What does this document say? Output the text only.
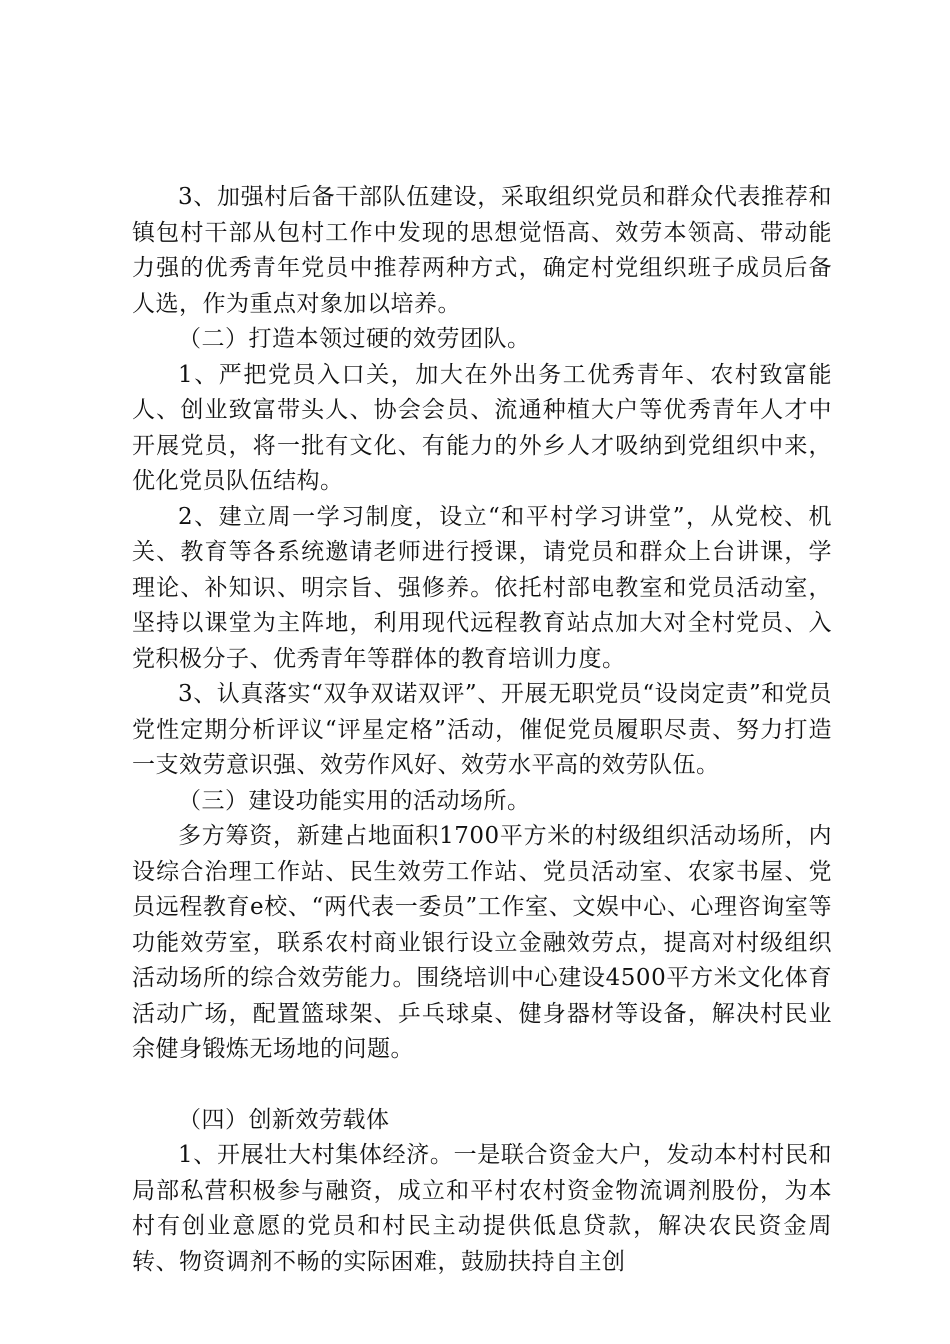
3、加强村后备干部队伍建设，采取组织党员和群众代表推荐和镇包村干部从包村工作中发现的思想觉悟高、效劳本领高、带动能力强的优秀青年党员中推荐两种方式，确定村党组织班子成员后备人选，作为重点对象加以培养。

（二）打造本领过硬的效劳团队。

1、严把党员入口关，加大在外出务工优秀青年、农村致富能人、创业致富带头人、协会会员、流通种植大户等优秀青年人才中开展党员，将一批有文化、有能力的外乡人才吸纳到党组织中来，优化党员队伍结构。

2、建立周一学习制度，设立“和平村学习讲堂”，从党校、机关、教育等各系统邀请老师进行授课，请党员和群众上台讲课，学理论、补知识、明宗旨、强修养。依托村部电教室和党员活动室，坚持以课堂为主阵地，利用现代远程教育站点加大对全村党员、入党积极分子、优秀青年等群体的教育培训力度。

3、认真落实“双争双诺双评”、开展无职党员“设岗定责”和党员党性定期分析评议“评星定格”活动，催促党员履职尽责、努力打造一支效劳意识强、效劳作风好、效劳水平高的效劳队伍。

（三）建设功能实用的活动场所。

多方筹资，新建占地面积1700平方米的村级组织活动场所，内设综合治理工作站、民生效劳工作站、党员活动室、农家书屋、党员远程教育e校、“两代表一委员”工作室、文娱中心、心理咨询室等功能效劳室，联系农村商业银行设立金融效劳点，提高对村级组织活动场所的综合效劳能力。围绕培训中心建设4500平方米文化体育活动广场，配置篮球架、乒乓球桌、健身器材等设备，解决村民业余健身锻炼无场地的问题。

（四）创新效劳载体

1、开展壮大村集体经济。一是联合资金大户，发动本村村民和局部私营积极参与融资，成立和平村农村资金物流调剂股份，为本村有创业意愿的党员和村民主动提供低息贷款，解决农民资金周转、物资调剂不畅的实际困难，鼓励扶持自主创
